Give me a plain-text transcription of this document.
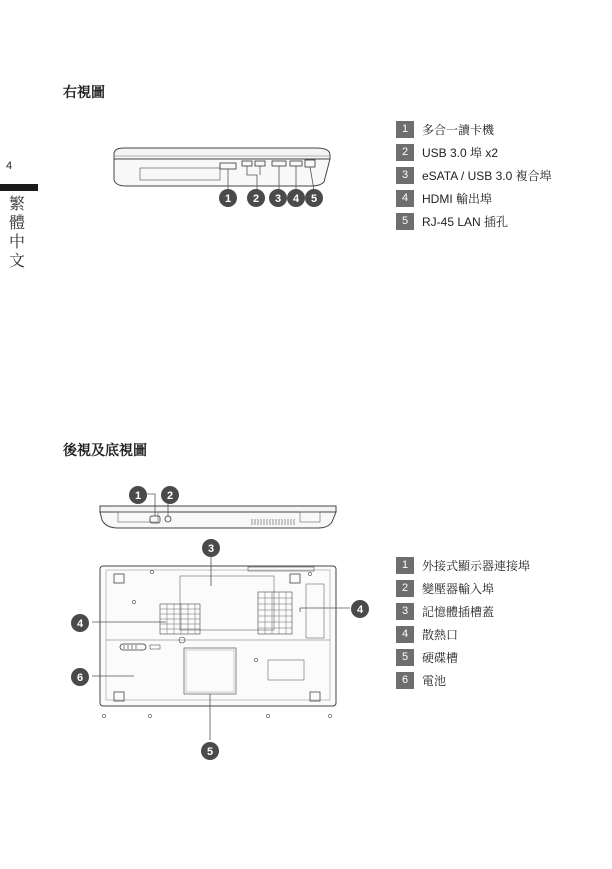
4
繁體中文
右視圖
1 2 3 4 5
1	多合一讀卡機
2	USB 3.0 埠 x2
3	eSATA / USB 3.0 複合埠
4	HDMI 輸出埠
5	RJ-45 LAN 插孔
後視及底視圖
1 2
3
4
4
5
6
1	外接式顯示器連接埠
2	變壓器輸入埠
3	記憶體插槽蓋
4	散熱口
5	硬碟槽
6	電池
